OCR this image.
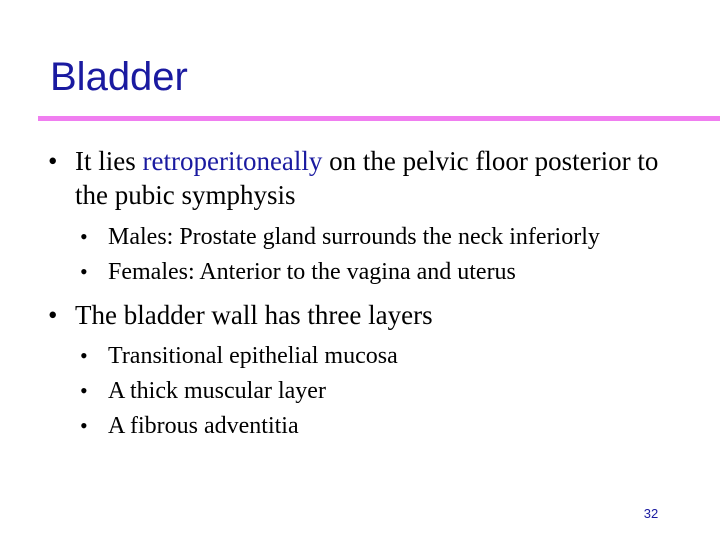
Bladder
• It lies retroperitoneally on the pelvic floor posterior to the pubic symphysis
• Males: Prostate gland surrounds the neck inferiorly
• Females: Anterior to the vagina and uterus
• The bladder wall has three layers
• Transitional epithelial mucosa
• A thick muscular layer
• A fibrous adventitia
32
